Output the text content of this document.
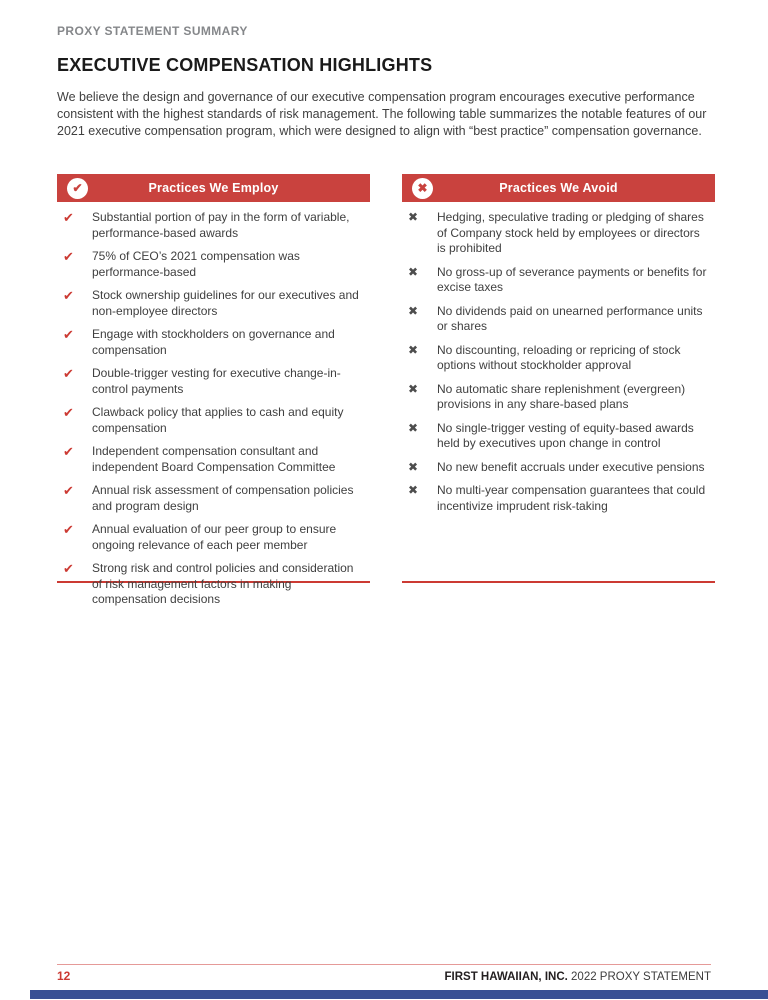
PROXY STATEMENT SUMMARY
EXECUTIVE COMPENSATION HIGHLIGHTS
We believe the design and governance of our executive compensation program encourages executive performance consistent with the highest standards of risk management. The following table summarizes the notable features of our 2021 executive compensation program, which were designed to align with “best practice” compensation governance.
✔	Practices We Employ
✔	Substantial portion of pay in the form of variable, performance-based awards
✔	75% of CEO’s 2021 compensation was performance-based
✔	Stock ownership guidelines for our executives and non-employee directors
✔	Engage with stockholders on governance and compensation
✔	Double-trigger vesting for executive change-in-control payments
✔	Clawback policy that applies to cash and equity compensation
✔	Independent compensation consultant and independent Board Compensation Committee
✔	Annual risk assessment of compensation policies and program design
✔	Annual evaluation of our peer group to ensure ongoing relevance of each peer member
✔	Strong risk and control policies and consideration of risk management factors in making compensation decisions
✖	Practices We Avoid
✖	Hedging, speculative trading or pledging of shares of Company stock held by employees or directors is prohibited
✖	No gross-up of severance payments or benefits for excise taxes
✖	No dividends paid on unearned performance units or shares
✖	No discounting, reloading or repricing of stock options without stockholder approval
✖	No automatic share replenishment (evergreen) provisions in any share-based plans
✖	No single-trigger vesting of equity-based awards held by executives upon change in control
✖	No new benefit accruals under executive pensions
✖	No multi-year compensation guarantees that could incentivize imprudent risk-taking
12	FIRST HAWAIIAN, INC. 2022 PROXY STATEMENT
